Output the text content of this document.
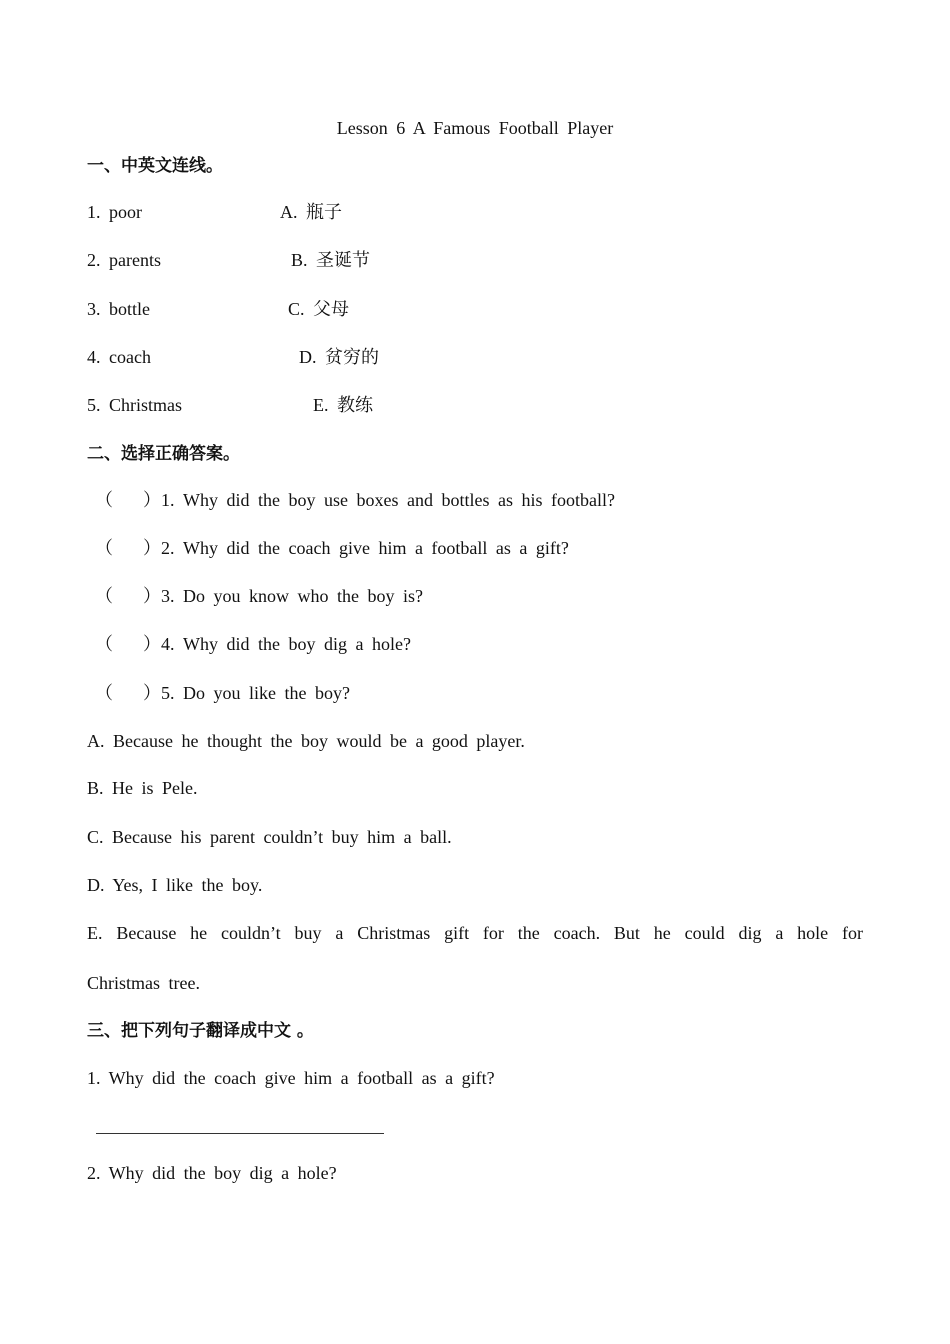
Lesson 6 A Famous Football Player
一、中英文连线。
1. poor	A. 瓶子
2. parents	B. 圣诞节
3. bottle	C. 父母
4. coach	D. 贫穷的
5. Christmas	E. 教练
二、选择正确答案。
（ ）1. Why did the boy use boxes and bottles as his football?
（ ）2. Why did the coach give him a football as a gift?
（ ）3. Do you know who the boy is?
（ ）4. Why did the boy dig a hole?
（ ）5. Do you like the boy?
A. Because he thought the boy would be a good player.
B. He is Pele.
C. Because his parent couldn’t buy him a ball.
D. Yes, I like the boy.
E. Because he couldn’t buy a Christmas gift for the coach. But he could dig a hole for
Christmas tree.
三、把下列句子翻译成中文 。
1. Why did the coach give him a football as a gift?
2. Why did the boy dig a hole?
